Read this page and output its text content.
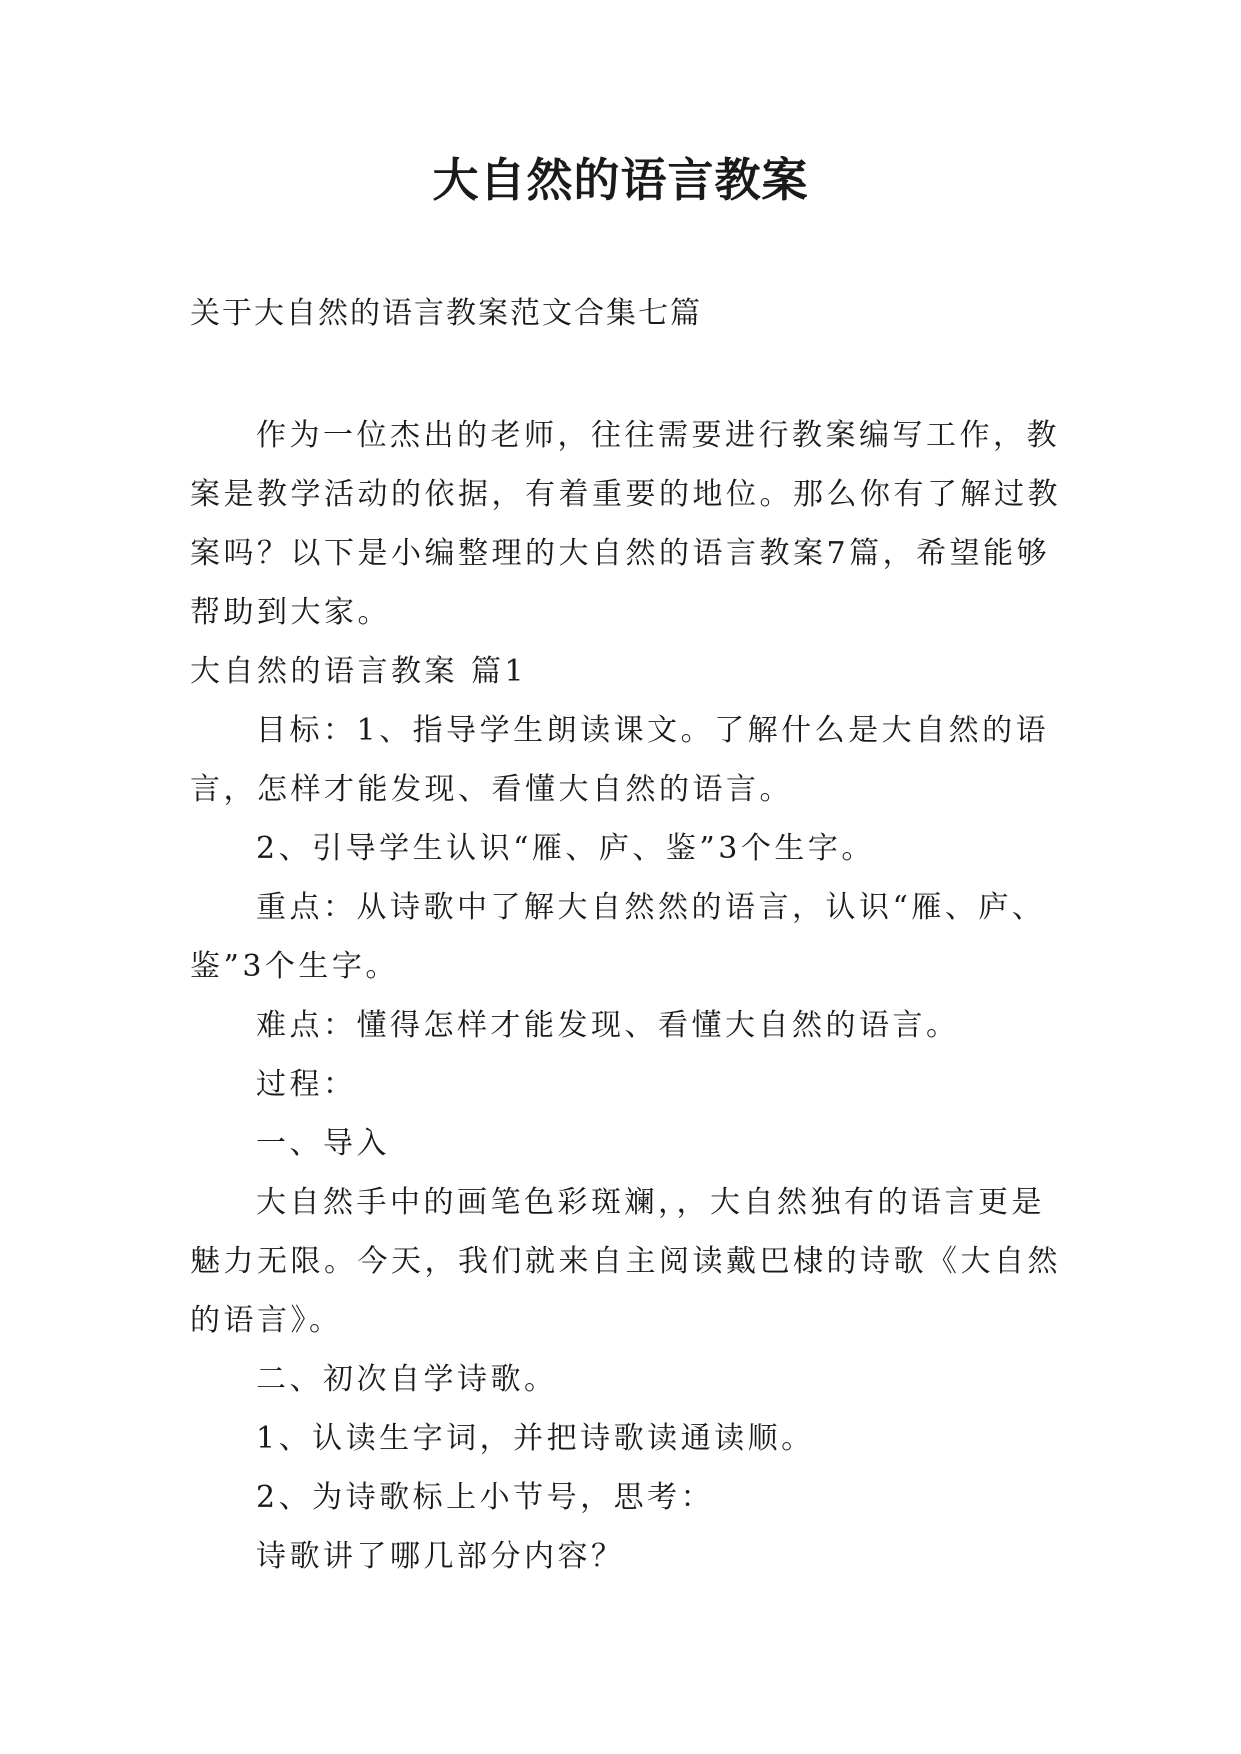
大自然的语言教案
关于大自然的语言教案范文合集七篇

作为一位杰出的老师，往往需要进行教案编写工作，教案是教学活动的依据，有着重要的地位。那么你有了解过教案吗？以下是小编整理的大自然的语言教案7篇，希望能够帮助到大家。

大自然的语言教案 篇1

目标：1、指导学生朗读课文。了解什么是大自然的语言，怎样才能发现、看懂大自然的语言。

2、引导学生认识“雁、庐、鉴”3个生字。

重点：从诗歌中了解大自然然的语言，认识“雁、庐、鉴”3个生字。

难点：懂得怎样才能发现、看懂大自然的语言。

过程：

一、导入

大自然手中的画笔色彩斑斓，，大自然独有的语言更是魅力无限。今天，我们就来自主阅读戴巴棣的诗歌《大自然的语言》。

二、初次自学诗歌。

1、认读生字词，并把诗歌读通读顺。

2、为诗歌标上小节号，思考：

诗歌讲了哪几部分内容？
